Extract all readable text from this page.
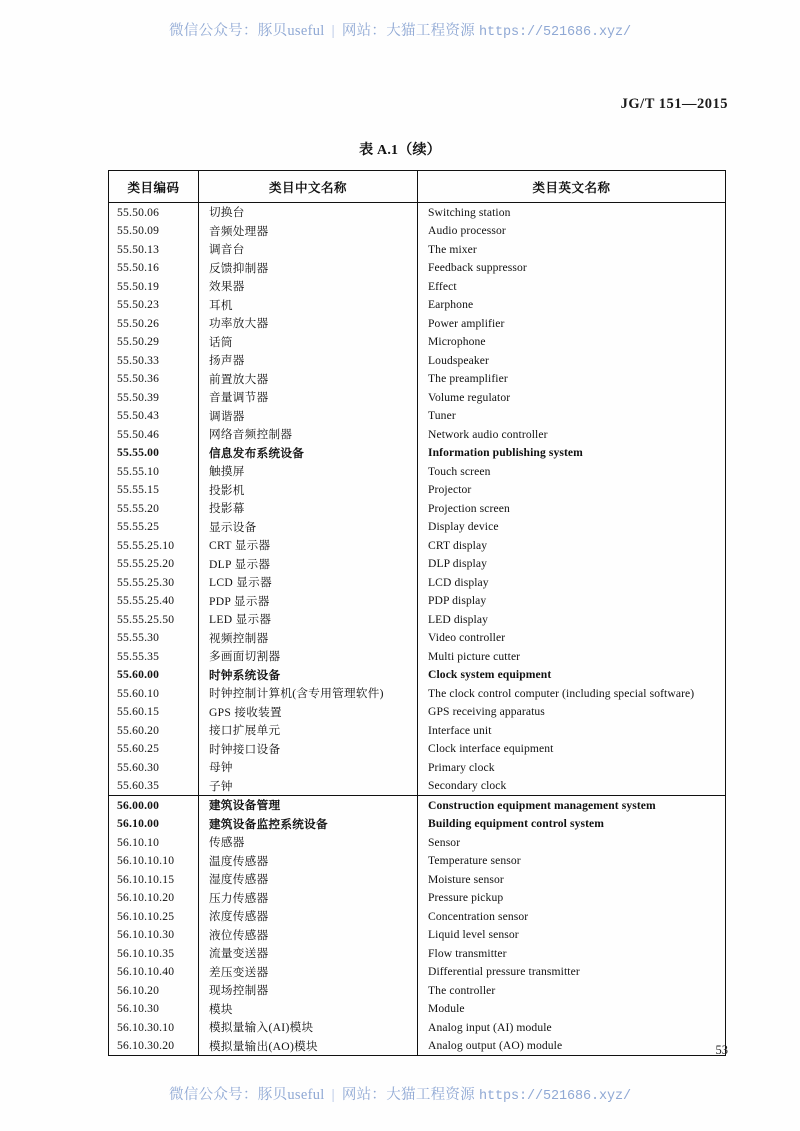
微信公众号：豚贝useful | 网站：大猫工程资源 https://521686.xyz/
JG/T 151—2015
表 A.1（续）
类目编码	类目中文名称	类目英文名称
55.50.06	切换台	Switching station
55.50.09	音频处理器	Audio processor
55.50.13	调音台	The mixer
55.50.16	反馈抑制器	Feedback suppressor
55.50.19	效果器	Effect
55.50.23	耳机	Earphone
55.50.26	功率放大器	Power amplifier
55.50.29	话筒	Microphone
55.50.33	扬声器	Loudspeaker
55.50.36	前置放大器	The preamplifier
55.50.39	音量调节器	Volume regulator
55.50.43	调谐器	Tuner
55.50.46	网络音频控制器	Network audio controller
55.55.00	信息发布系统设备	Information publishing system
55.55.10	触摸屏	Touch screen
55.55.15	投影机	Projector
55.55.20	投影幕	Projection screen
55.55.25	显示设备	Display device
55.55.25.10	CRT 显示器	CRT display
55.55.25.20	DLP 显示器	DLP display
55.55.25.30	LCD 显示器	LCD display
55.55.25.40	PDP 显示器	PDP display
55.55.25.50	LED 显示器	LED display
55.55.30	视频控制器	Video controller
55.55.35	多画面切割器	Multi picture cutter
55.60.00	时钟系统设备	Clock system equipment
55.60.10	时钟控制计算机(含专用管理软件)	The clock control computer (including special software)
55.60.15	GPS 接收装置	GPS receiving apparatus
55.60.20	接口扩展单元	Interface unit
55.60.25	时钟接口设备	Clock interface equipment
55.60.30	母钟	Primary clock
55.60.35	子钟	Secondary clock
56.00.00	建筑设备管理	Construction equipment management system
56.10.00	建筑设备监控系统设备	Building equipment control system
56.10.10	传感器	Sensor
56.10.10.10	温度传感器	Temperature sensor
56.10.10.15	湿度传感器	Moisture sensor
56.10.10.20	压力传感器	Pressure pickup
56.10.10.25	浓度传感器	Concentration sensor
56.10.10.30	液位传感器	Liquid level sensor
56.10.10.35	流量变送器	Flow transmitter
56.10.10.40	差压变送器	Differential pressure transmitter
56.10.20	现场控制器	The controller
56.10.30	模块	Module
56.10.30.10	模拟量输入(AI)模块	Analog input (AI) module
56.10.30.20	模拟量输出(AO)模块	Analog output (AO) module	53
微信公众号：豚贝useful | 网站：大猫工程资源 https://521686.xyz/
